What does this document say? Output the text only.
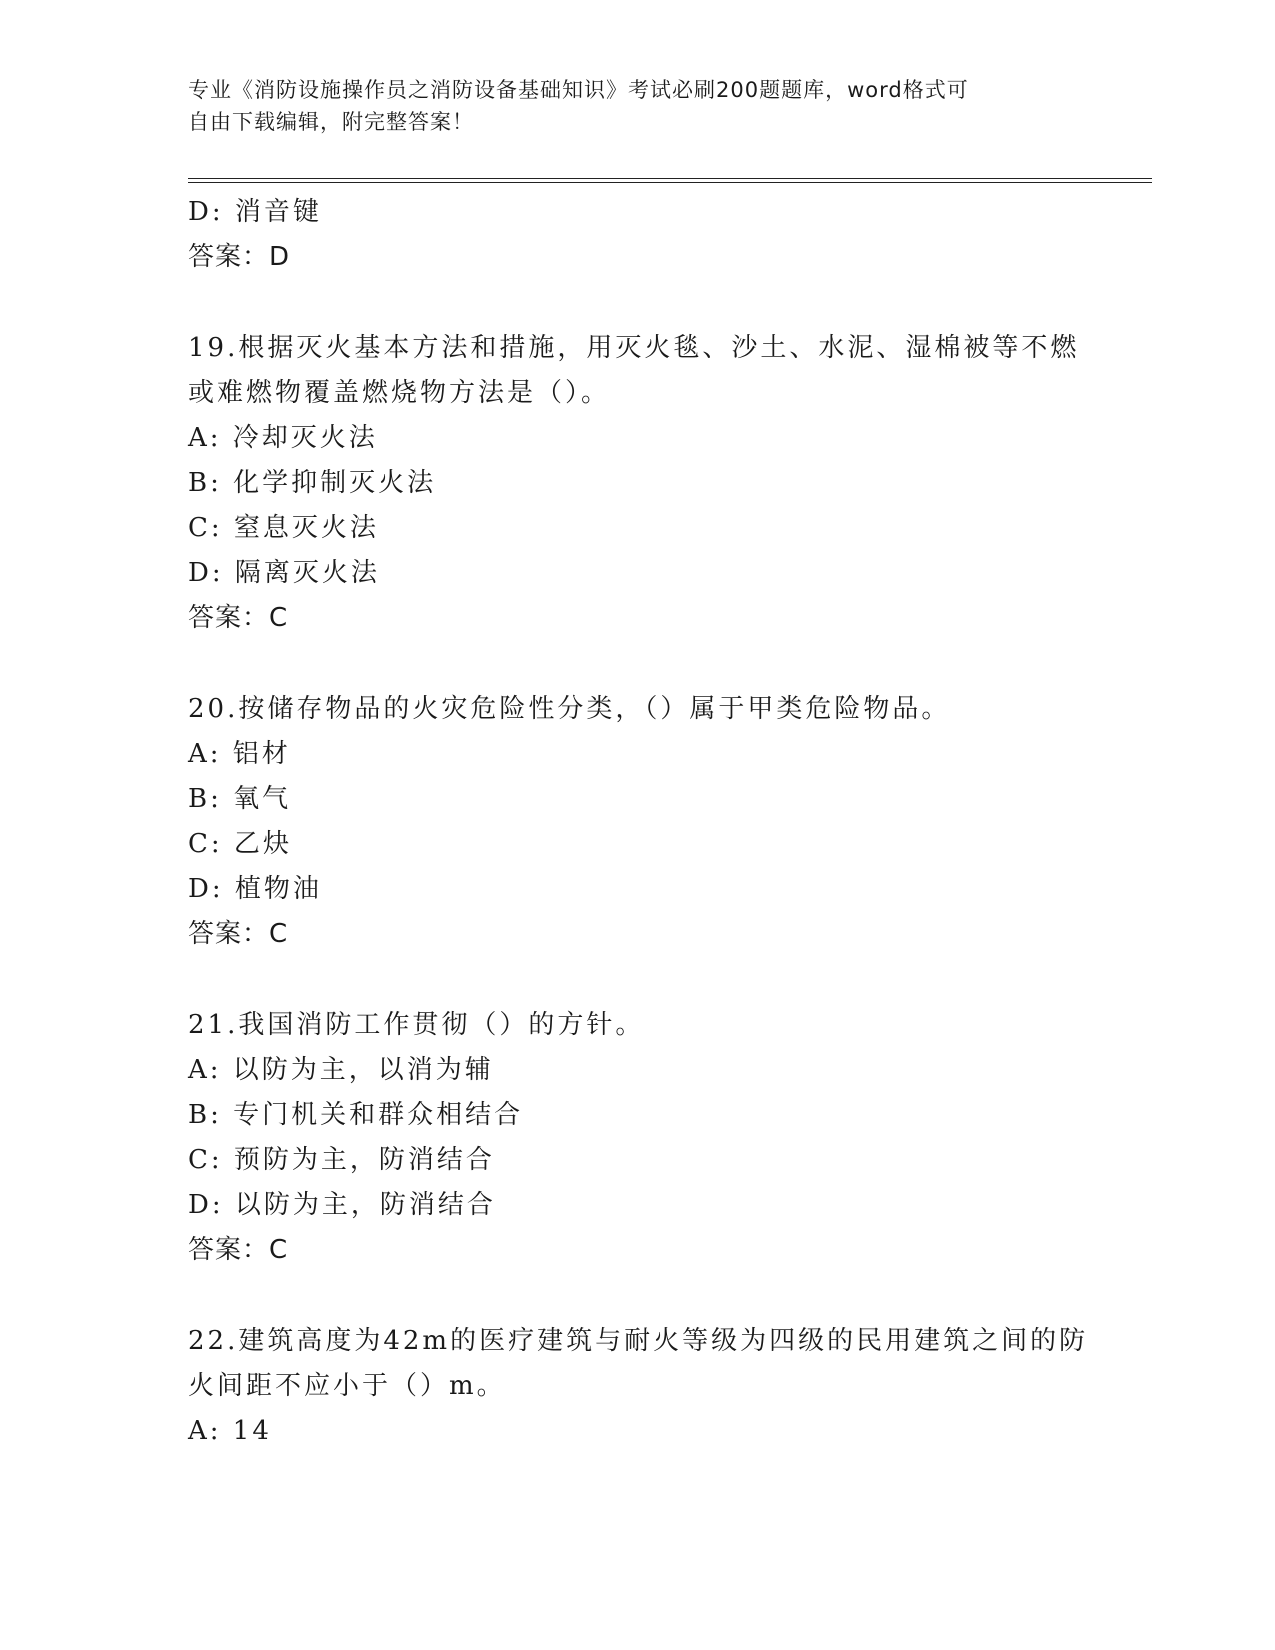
专业《消防设施操作员之消防设备基础知识》考试必刷200题题库，word格式可
自由下载编辑，附完整答案！
D: 消音键
答案：D
19.根据灭火基本方法和措施，用灭火毯、沙土、水泥、湿棉被等不燃
或难燃物覆盖燃烧物方法是（）。
A: 冷却灭火法
B: 化学抑制灭火法
C: 窒息灭火法
D: 隔离灭火法
答案：C
20.按储存物品的火灾危险性分类，（）属于甲类危险物品。
A: 铝材
B: 氧气
C: 乙炔
D: 植物油
答案：C
21.我国消防工作贯彻（）的方针。
A: 以防为主，以消为辅
B: 专门机关和群众相结合
C: 预防为主，防消结合
D: 以防为主，防消结合
答案：C
22.建筑高度为42m的医疗建筑与耐火等级为四级的民用建筑之间的防
火间距不应小于（）m。
A: 14
